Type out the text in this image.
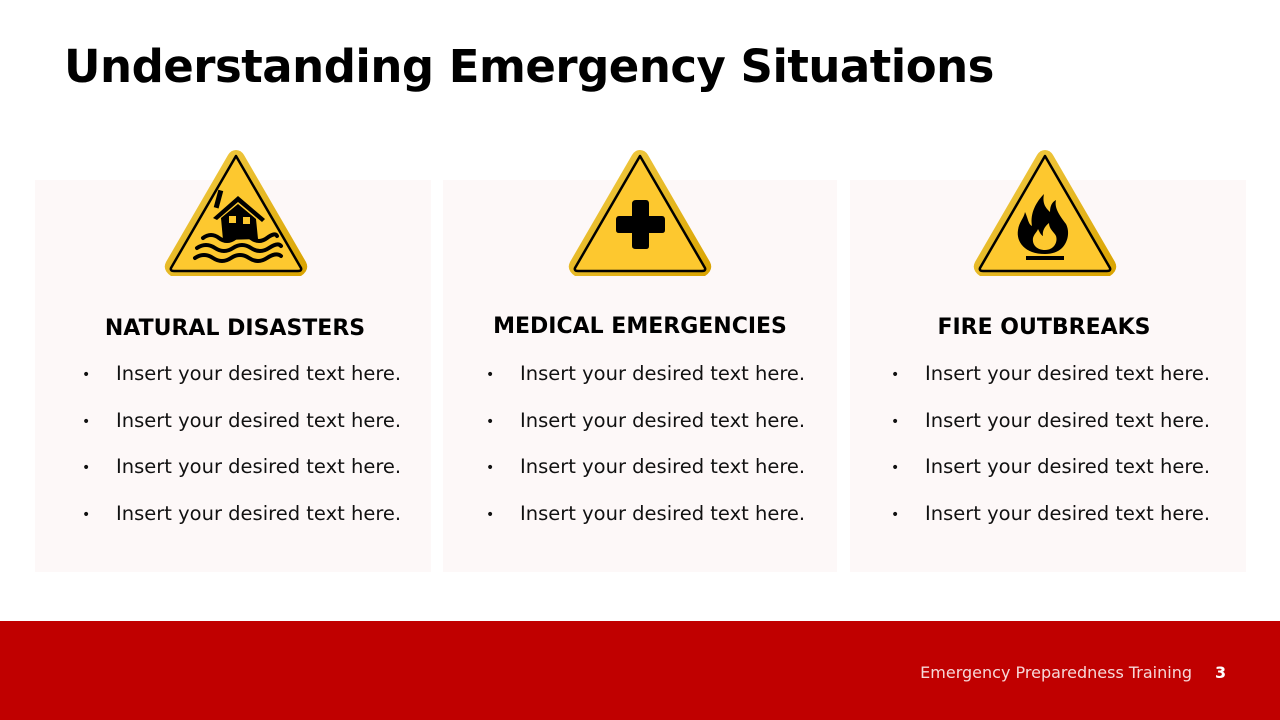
Understanding Emergency Situations
NATURAL DISASTERS	MEDICAL EMERGENCIES	FIRE OUTBREAKS
• Insert your desired text here.
• Insert your desired text here.
• Insert your desired text here.
• Insert your desired text here.
• Insert your desired text here.
• Insert your desired text here.
• Insert your desired text here.
• Insert your desired text here.
• Insert your desired text here.
• Insert your desired text here.
• Insert your desired text here.
• Insert your desired text here.
Emergency Preparedness Training 3
